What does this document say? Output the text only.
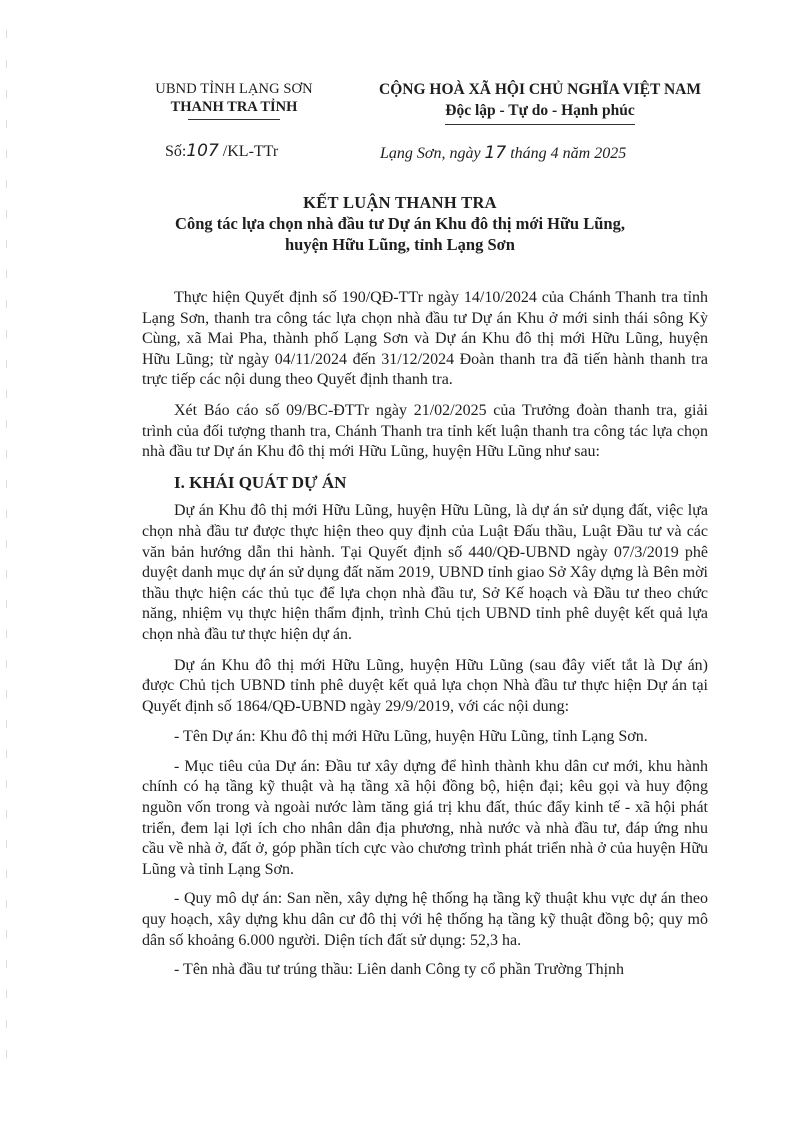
UBND TỈNH LẠNG SƠN
THANH TRA TỈNH
CỘNG HOÀ XÃ HỘI CHỦ NGHĨA VIỆT NAM
Độc lập - Tự do - Hạnh phúc
Số:107 /KL-TTr	Lạng Sơn, ngày 17 tháng 4 năm 2025
KẾT LUẬN THANH TRA
Công tác lựa chọn nhà đầu tư Dự án Khu đô thị mới Hữu Lũng,
huyện Hữu Lũng, tỉnh Lạng Sơn

Thực hiện Quyết định số 190/QĐ-TTr ngày 14/10/2024 của Chánh Thanh tra tỉnh Lạng Sơn, thanh tra công tác lựa chọn nhà đầu tư Dự án Khu ở mới sinh thái sông Kỳ Cùng, xã Mai Pha, thành phố Lạng Sơn và Dự án Khu đô thị mới Hữu Lũng, huyện Hữu Lũng; từ ngày 04/11/2024 đến 31/12/2024 Đoàn thanh tra đã tiến hành thanh tra trực tiếp các nội dung theo Quyết định thanh tra.

Xét Báo cáo số 09/BC-ĐTTr ngày 21/02/2025 của Trưởng đoàn thanh tra, giải trình của đối tượng thanh tra, Chánh Thanh tra tỉnh kết luận thanh tra công tác lựa chọn nhà đầu tư Dự án Khu đô thị mới Hữu Lũng, huyện Hữu Lũng như sau:

I. KHÁI QUÁT DỰ ÁN

Dự án Khu đô thị mới Hữu Lũng, huyện Hữu Lũng, là dự án sử dụng đất, việc lựa chọn nhà đầu tư được thực hiện theo quy định của Luật Đấu thầu, Luật Đầu tư và các văn bản hướng dẫn thi hành. Tại Quyết định số 440/QĐ-UBND ngày 07/3/2019 phê duyệt danh mục dự án sử dụng đất năm 2019, UBND tỉnh giao Sở Xây dựng là Bên mời thầu thực hiện các thủ tục để lựa chọn nhà đầu tư, Sở Kế hoạch và Đầu tư theo chức năng, nhiệm vụ thực hiện thẩm định, trình Chủ tịch UBND tỉnh phê duyệt kết quả lựa chọn nhà đầu tư thực hiện dự án.

Dự án Khu đô thị mới Hữu Lũng, huyện Hữu Lũng (sau đây viết tắt là Dự án) được Chủ tịch UBND tỉnh phê duyệt kết quả lựa chọn Nhà đầu tư thực hiện Dự án tại Quyết định số 1864/QĐ-UBND ngày 29/9/2019, với các nội dung:

- Tên Dự án: Khu đô thị mới Hữu Lũng, huyện Hữu Lũng, tỉnh Lạng Sơn.

- Mục tiêu của Dự án: Đầu tư xây dựng để hình thành khu dân cư mới, khu hành chính có hạ tầng kỹ thuật và hạ tầng xã hội đồng bộ, hiện đại; kêu gọi và huy động nguồn vốn trong và ngoài nước làm tăng giá trị khu đất, thúc đẩy kinh tế - xã hội phát triển, đem lại lợi ích cho nhân dân địa phương, nhà nước và nhà đầu tư, đáp ứng nhu cầu về nhà ở, đất ở, góp phần tích cực vào chương trình phát triển nhà ở của huyện Hữu Lũng và tỉnh Lạng Sơn.

- Quy mô dự án: San nền, xây dựng hệ thống hạ tầng kỹ thuật khu vực dự án theo quy hoạch, xây dựng khu dân cư đô thị với hệ thống hạ tầng kỹ thuật đồng bộ; quy mô dân số khoảng 6.000 người. Diện tích đất sử dụng: 52,3 ha.

- Tên nhà đầu tư trúng thầu: Liên danh Công ty cổ phần Trường Thịnh
